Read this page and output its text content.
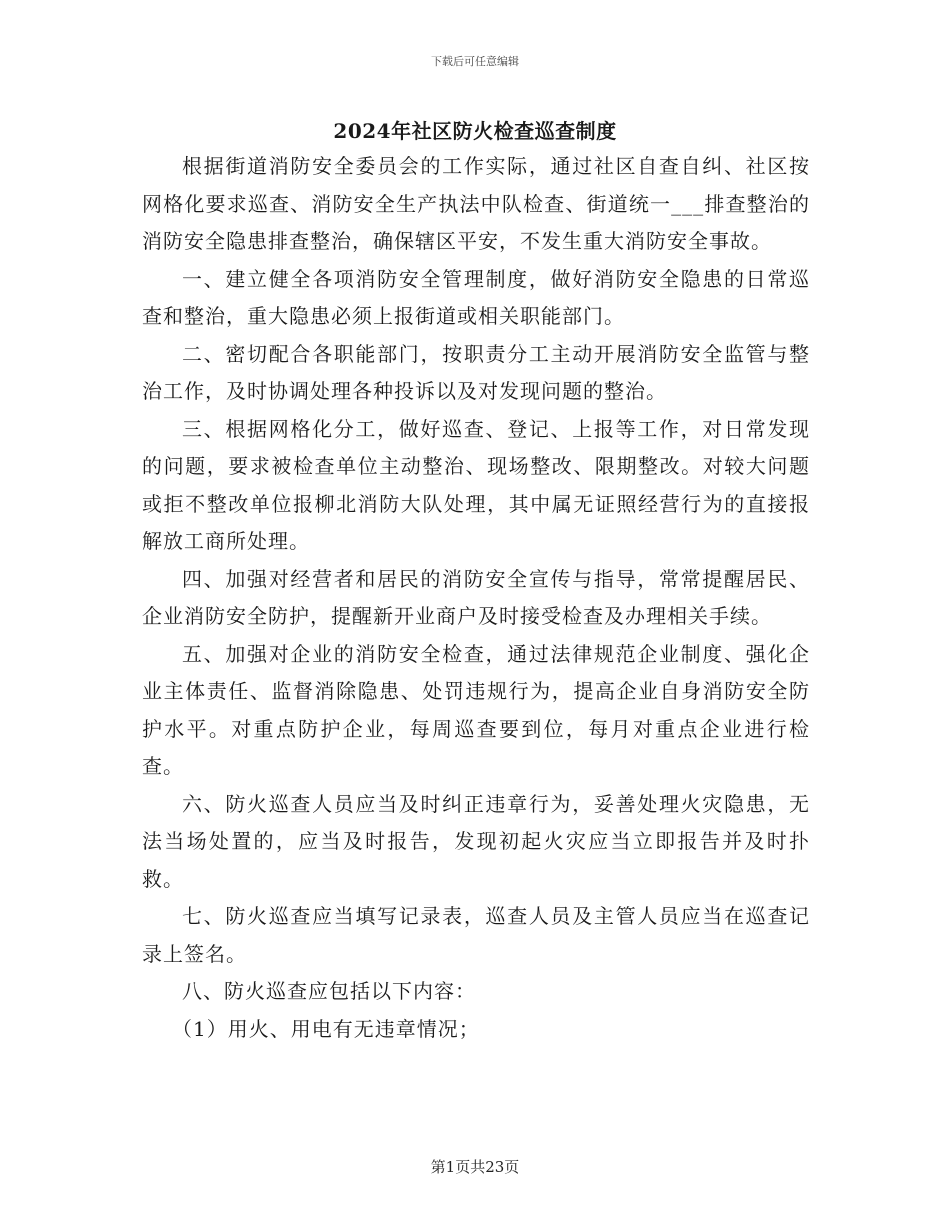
下载后可任意编辑
2024年社区防火检查巡查制度

根据街道消防安全委员会的工作实际，通过社区自查自纠、社区按网格化要求巡查、消防安全生产执法中队检查、街道统一___排查整治的消防安全隐患排查整治，确保辖区平安，不发生重大消防安全事故。

一、建立健全各项消防安全管理制度，做好消防安全隐患的日常巡查和整治，重大隐患必须上报街道或相关职能部门。

二、密切配合各职能部门，按职责分工主动开展消防安全监管与整治工作，及时协调处理各种投诉以及对发现问题的整治。

三、根据网格化分工，做好巡查、登记、上报等工作，对日常发现的问题，要求被检查单位主动整治、现场整改、限期整改。对较大问题或拒不整改单位报柳北消防大队处理，其中属无证照经营行为的直接报解放工商所处理。

四、加强对经营者和居民的消防安全宣传与指导，常常提醒居民、企业消防安全防护，提醒新开业商户及时接受检查及办理相关手续。

五、加强对企业的消防安全检查，通过法律规范企业制度、强化企业主体责任、监督消除隐患、处罚违规行为，提高企业自身消防安全防护水平。对重点防护企业，每周巡查要到位，每月对重点企业进行检查。

六、防火巡查人员应当及时纠正违章行为，妥善处理火灾隐患，无法当场处置的，应当及时报告，发现初起火灾应当立即报告并及时扑救。

七、防火巡查应当填写记录表，巡查人员及主管人员应当在巡查记录上签名。

八、防火巡查应包括以下内容：

（1）用火、用电有无违章情况；

第1页共23页
